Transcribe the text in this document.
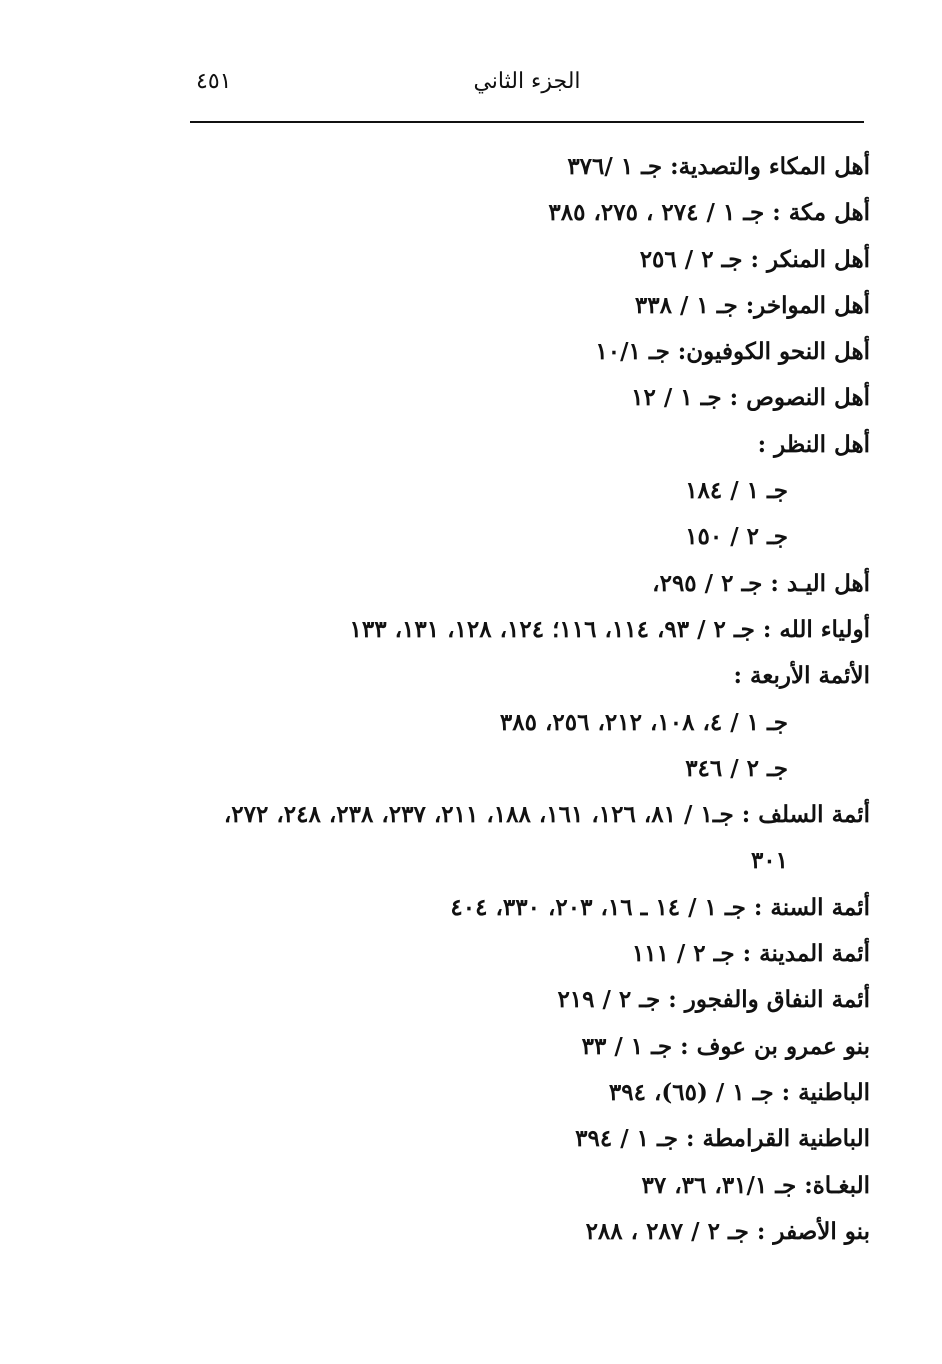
الجزء الثاني
٤٥١
أهل المكاء والتصدية: جـ ١ /٣٧٦
أهل مكة : جـ ١ / ٢٧٤ ، ٢٧٥، ٣٨٥
أهل المنكر : جـ ٢ / ٢٥٦
أهل المواخر: جـ ١ / ٣٣٨
أهل النحو الكوفيون: جـ ١٠/١
أهل النصوص : جـ ١ / ١٢
أهل النظر :
جـ ١ / ١٨٤
جـ ٢ / ١٥٠
أهل اليـد : جـ ٢ / ٢٩٥،
أولياء الله : جـ ٢ / ٩٣، ١١٤، ١١٦؛ ١٢٤، ١٢٨، ١٣١، ١٣٣
الأئمة الأربعة :
جـ ١ / ٤، ١٠٨، ٢١٢، ٢٥٦، ٣٨٥
جـ ٢ / ٣٤٦
أئمة السلف : جـ١ / ٨١، ١٢٦، ١٦١، ١٨٨، ٢١١، ٢٣٧، ٢٣٨، ٢٤٨، ٢٧٢،
٣٠١
أئمة السنة : جـ ١ / ١٤ ـ ١٦، ٢٠٣، ٣٣٠، ٤٠٤
أئمة المدينة : جـ ٢ / ١١١
أئمة النفاق والفجور : جـ ٢ / ٢١٩
بنو عمرو بن عوف : جـ ١ / ٣٣
الباطنية : جـ ١ / (٦٥)، ٣٩٤
الباطنية القرامطة : جـ ١ / ٣٩٤
البغـاة: جـ ٣١/١، ٣٦، ٣٧
بنو الأصفر : جـ ٢ / ٢٨٧ ، ٢٨٨
